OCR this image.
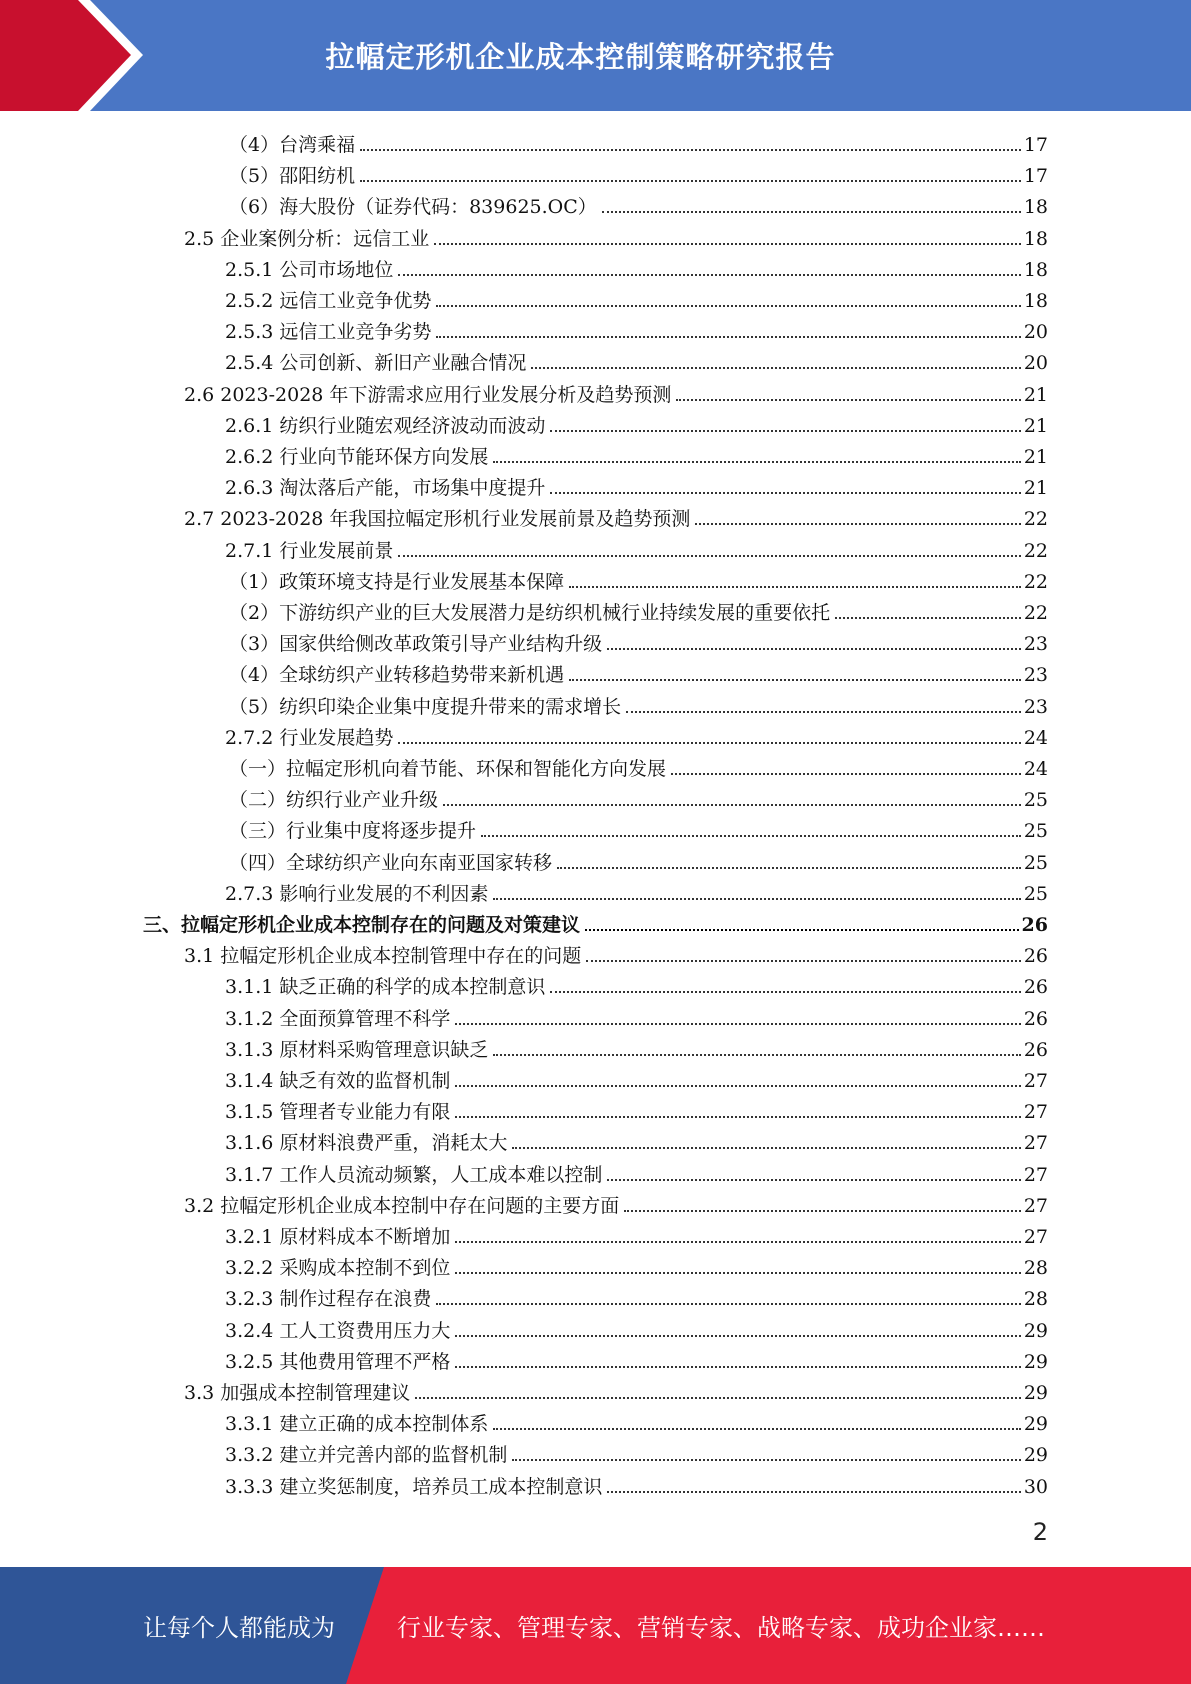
拉幅定形机企业成本控制策略研究报告
（4）台湾乘福	17
（5）邵阳纺机	17
（6）海大股份（证券代码：839625.OC）	18
2.5 企业案例分析：远信工业	18
2.5.1 公司市场地位	18
2.5.2 远信工业竞争优势	18
2.5.3 远信工业竞争劣势	20
2.5.4 公司创新、新旧产业融合情况	20
2.6 2023-2028 年下游需求应用行业发展分析及趋势预测	21
2.6.1 纺织行业随宏观经济波动而波动	21
2.6.2 行业向节能环保方向发展	21
2.6.3 淘汰落后产能，市场集中度提升	21
2.7 2023-2028 年我国拉幅定形机行业发展前景及趋势预测	22
2.7.1 行业发展前景	22
（1）政策环境支持是行业发展基本保障	22
（2）下游纺织产业的巨大发展潜力是纺织机械行业持续发展的重要依托	22
（3）国家供给侧改革政策引导产业结构升级	23
（4）全球纺织产业转移趋势带来新机遇	23
（5）纺织印染企业集中度提升带来的需求增长	23
2.7.2 行业发展趋势	24
（一）拉幅定形机向着节能、环保和智能化方向发展	24
（二）纺织行业产业升级	25
（三）行业集中度将逐步提升	25
（四）全球纺织产业向东南亚国家转移	25
2.7.3 影响行业发展的不利因素	25
三、拉幅定形机企业成本控制存在的问题及对策建议	26
3.1 拉幅定形机企业成本控制管理中存在的问题	26
3.1.1 缺乏正确的科学的成本控制意识	26
3.1.2 全面预算管理不科学	26
3.1.3 原材料采购管理意识缺乏	26
3.1.4 缺乏有效的监督机制	27
3.1.5 管理者专业能力有限	27
3.1.6 原材料浪费严重，消耗太大	27
3.1.7 工作人员流动频繁，人工成本难以控制	27
3.2 拉幅定形机企业成本控制中存在问题的主要方面	27
3.2.1 原材料成本不断增加	27
3.2.2 采购成本控制不到位	28
3.2.3 制作过程存在浪费	28
3.2.4 工人工资费用压力大	29
3.2.5 其他费用管理不严格	29
3.3 加强成本控制管理建议	29
3.3.1 建立正确的成本控制体系	29
3.3.2 建立并完善内部的监督机制	29
3.3.3 建立奖惩制度，培养员工成本控制意识	30
2
让每个人都能成为	行业专家、管理专家、营销专家、战略专家、成功企业家……
